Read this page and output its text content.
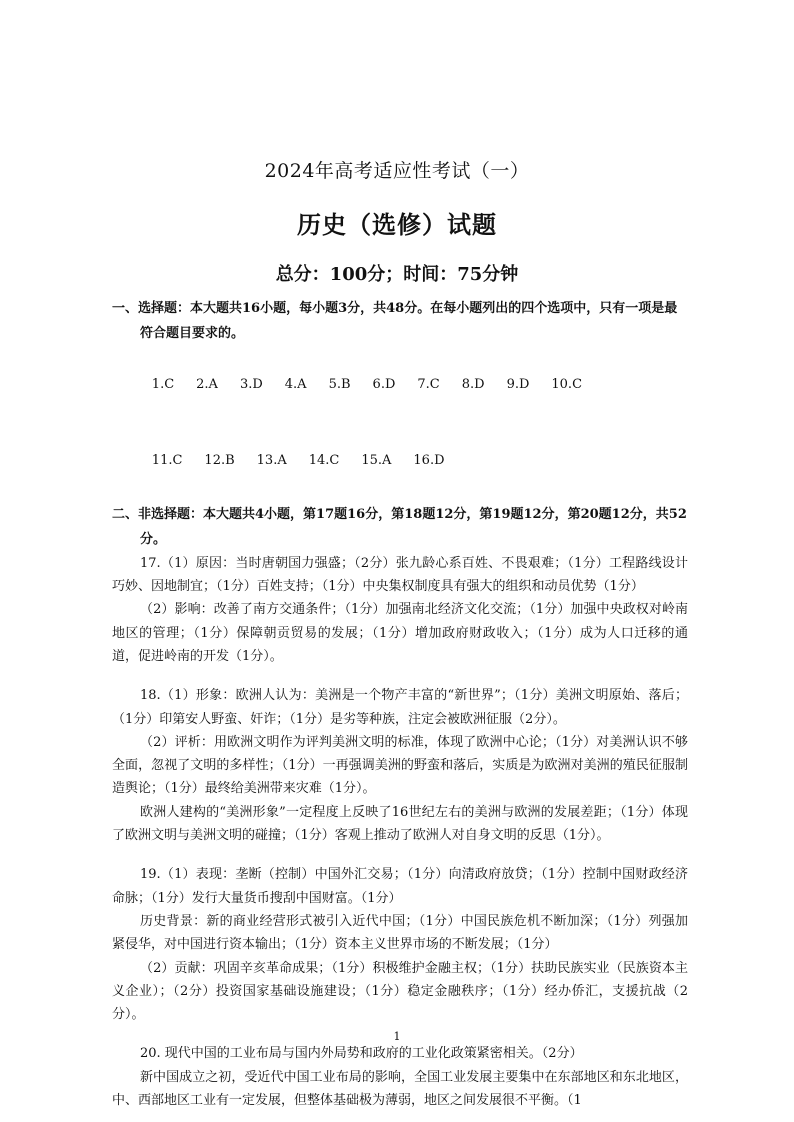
2024年高考适应性考试（一）
历史（选修）试题
总分：100分；时间：75分钟
一、选择题：本大题共16小题，每小题3分，共48分。在每小题列出的四个选项中，只有一项是最符合题目要求的。

1.C 2.A 3.D 4.A 5.B 6.D 7.C 8.D 9.D 10.C

11.C 12.B 13.A 14.C 15.A 16.D

二、非选择题：本大题共4小题，第17题16分，第18题12分，第19题12分，第20题12分，共52分。
17.（1）原因：当时唐朝国力强盛；（2分）张九龄心系百姓、不畏艰难；（1分）工程路线设计巧妙、因地制宜；（1分）百姓支持；（1分）中央集权制度具有强大的组织和动员优势（1分）
（2）影响：改善了南方交通条件；（1分）加强南北经济文化交流；（1分）加强中央政权对岭南地区的管理；（1分）保障朝贡贸易的发展；（1分）增加政府财政收入；（1分）成为人口迁移的通道，促进岭南的开发（1分）。
18.（1）形象：欧洲人认为：美洲是一个物产丰富的“新世界”；（1分）美洲文明原始、落后；（1分）印第安人野蛮、奸诈；（1分）是劣等种族，注定会被欧洲征服（2分）。
（2）评析：用欧洲文明作为评判美洲文明的标准，体现了欧洲中心论；（1分）对美洲认识不够全面，忽视了文明的多样性；（1分）一再强调美洲的野蛮和落后，实质是为欧洲对美洲的殖民征服制造舆论；（1分）最终给美洲带来灾难（1分）。
欧洲人建构的“美洲形象”一定程度上反映了16世纪左右的美洲与欧洲的发展差距；（1分）体现了欧洲文明与美洲文明的碰撞；（1分）客观上推动了欧洲人对自身文明的反思（1分）。
19.（1）表现：垄断（控制）中国外汇交易；（1分）向清政府放贷；（1分）控制中国财政经济命脉；（1分）发行大量货币搜刮中国财富。（1分）
历史背景：新的商业经营形式被引入近代中国；（1分）中国民族危机不断加深；（1分）列强加紧侵华，对中国进行资本输出；（1分）资本主义世界市场的不断发展；（1分）
（2）贡献：巩固辛亥革命成果；（1分）积极维护金融主权；（1分）扶助民族实业（民族资本主义企业）；（2分）投资国家基础设施建设；（1分）稳定金融秩序；（1分）经办侨汇，支援抗战（2分）。
20. 现代中国的工业布局与国内外局势和政府的工业化政策紧密相关。（2分）
新中国成立之初，受近代中国工业布局的影响，全国工业发展主要集中在东部地区和东北地区，中、西部地区工业有一定发展，但整体基础极为薄弱，地区之间发展很不平衡。（1
1
